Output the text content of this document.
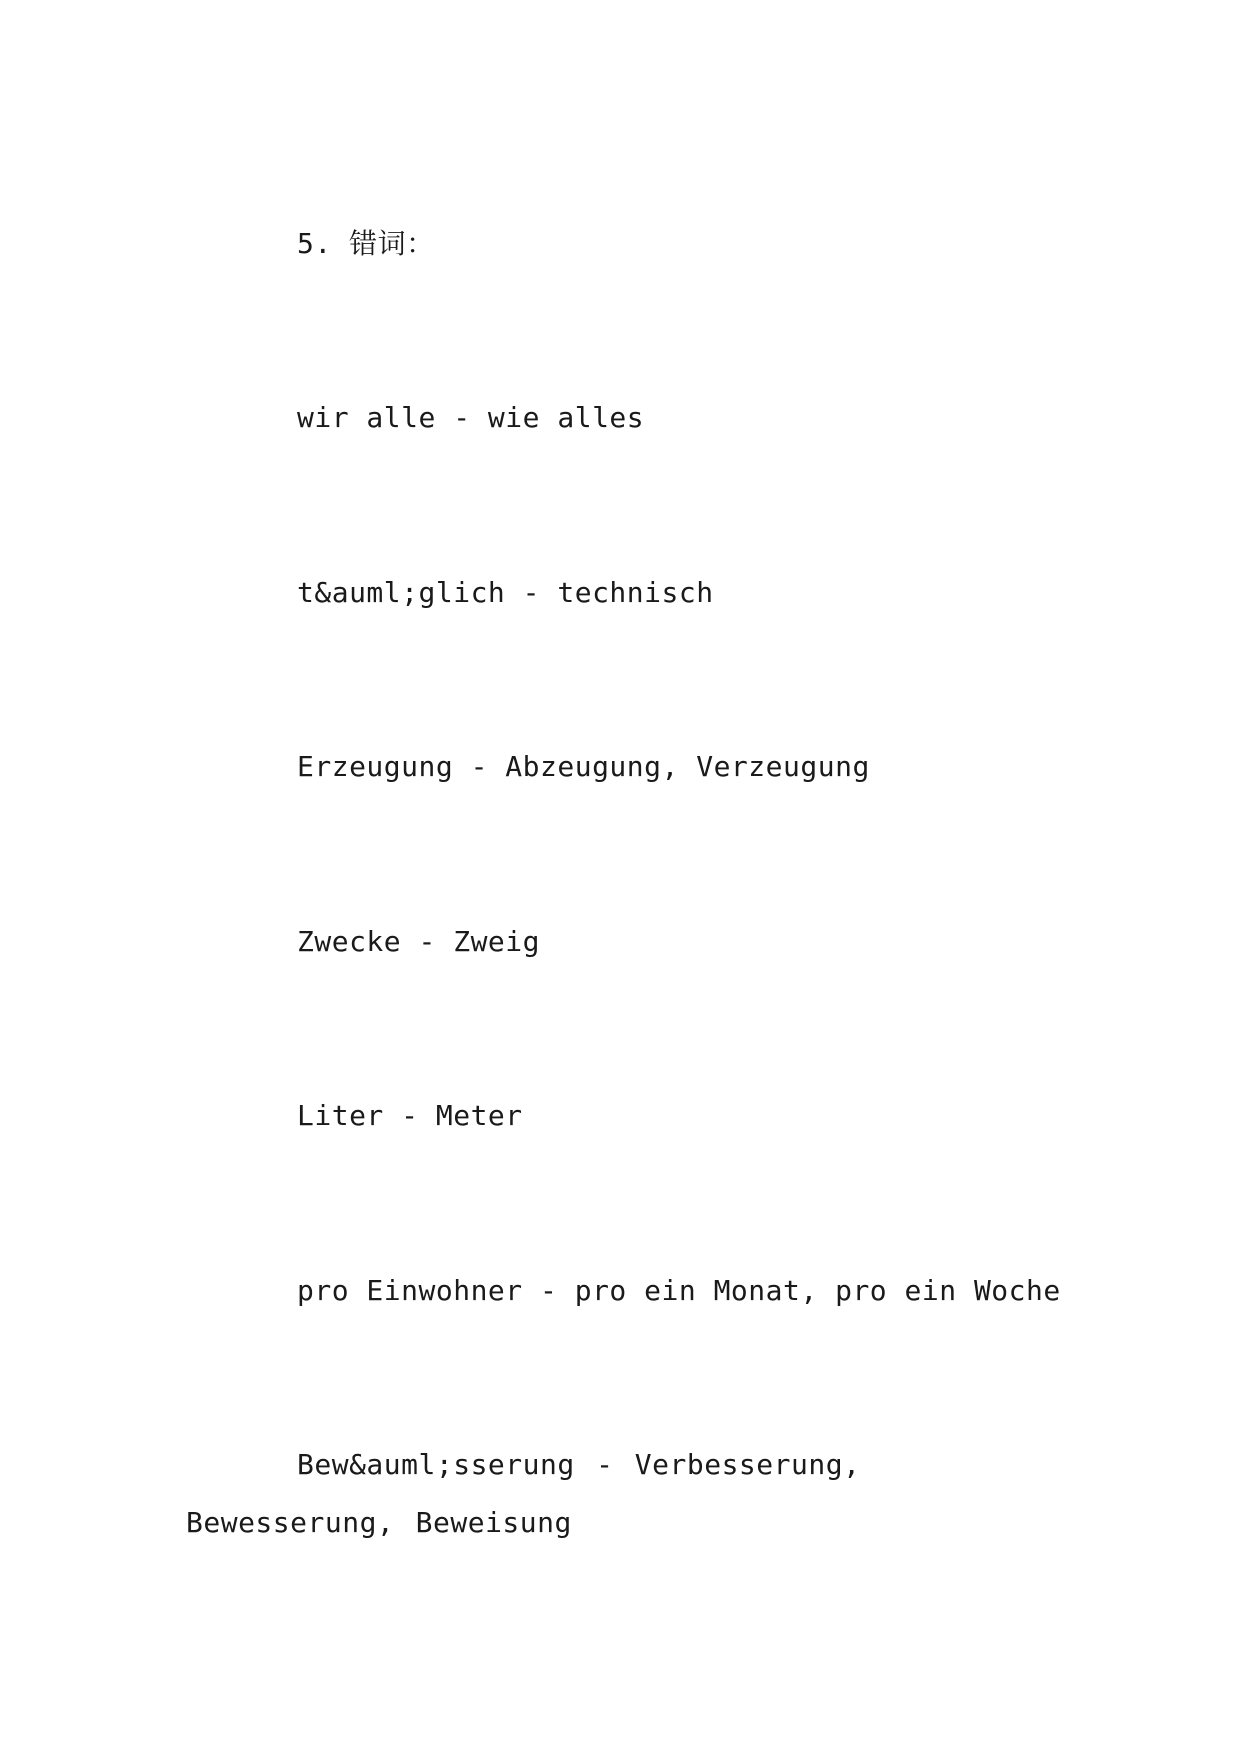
5. 错词：

wir alle - wie alles

t&auml;glich - technisch

Erzeugung - Abzeugung, Verzeugung

Zwecke - Zweig

Liter - Meter

pro Einwohner - pro ein Monat, pro ein Woche

Bew&auml;sserung - Verbesserung, Bewesserung, Beweisung
